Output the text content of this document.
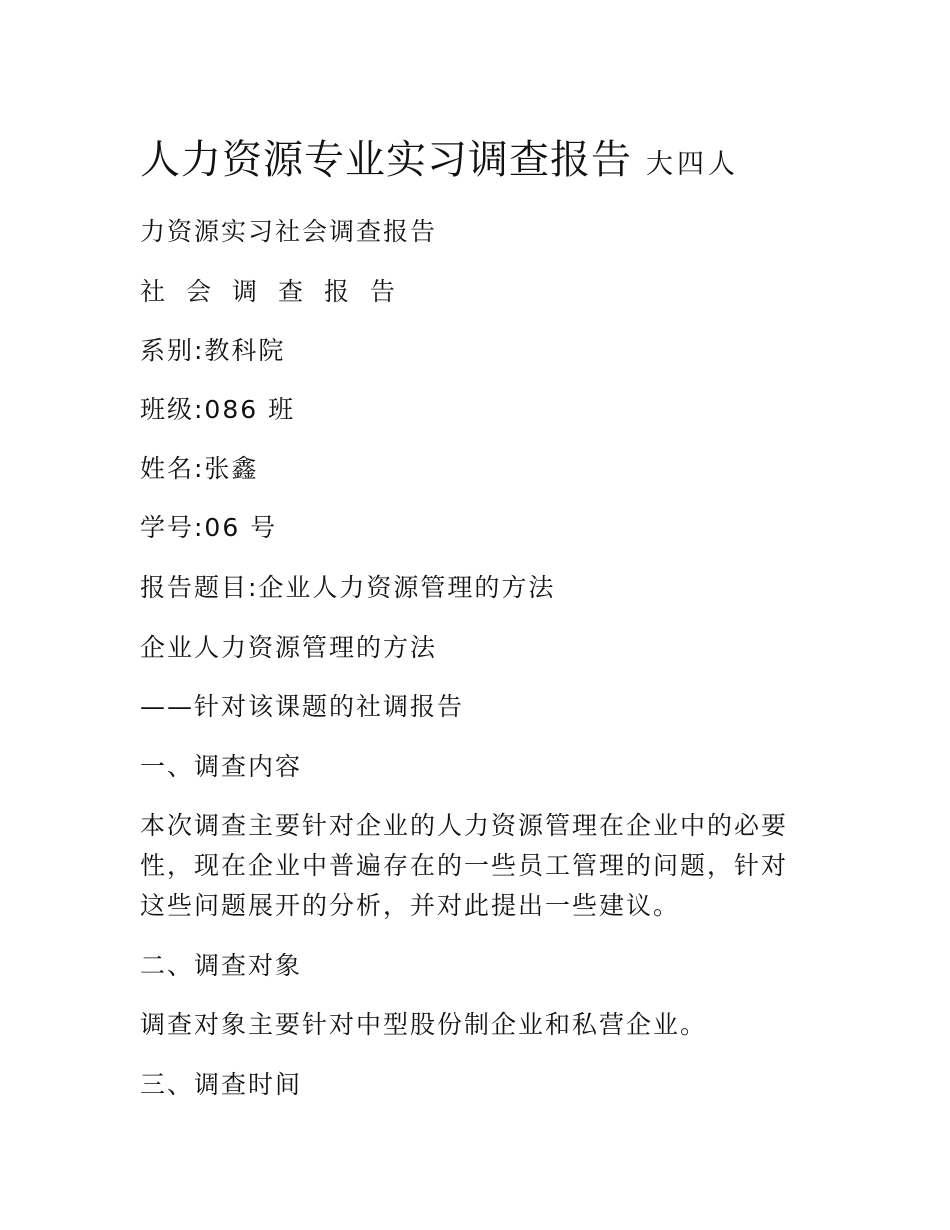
人力资源专业实习调查报告 大四人
力资源实习社会调查报告
社会调查报告
系别:教科院
班级:086 班
姓名:张鑫
学号:06 号
报告题目:企业人力资源管理的方法
企业人力资源管理的方法
——针对该课题的社调报告
一、调查内容
本次调查主要针对企业的人力资源管理在企业中的必要
性，现在企业中普遍存在的一些员工管理的问题，针对
这些问题展开的分析，并对此提出一些建议。
二、调查对象
调查对象主要针对中型股份制企业和私营企业。
三、调查时间
